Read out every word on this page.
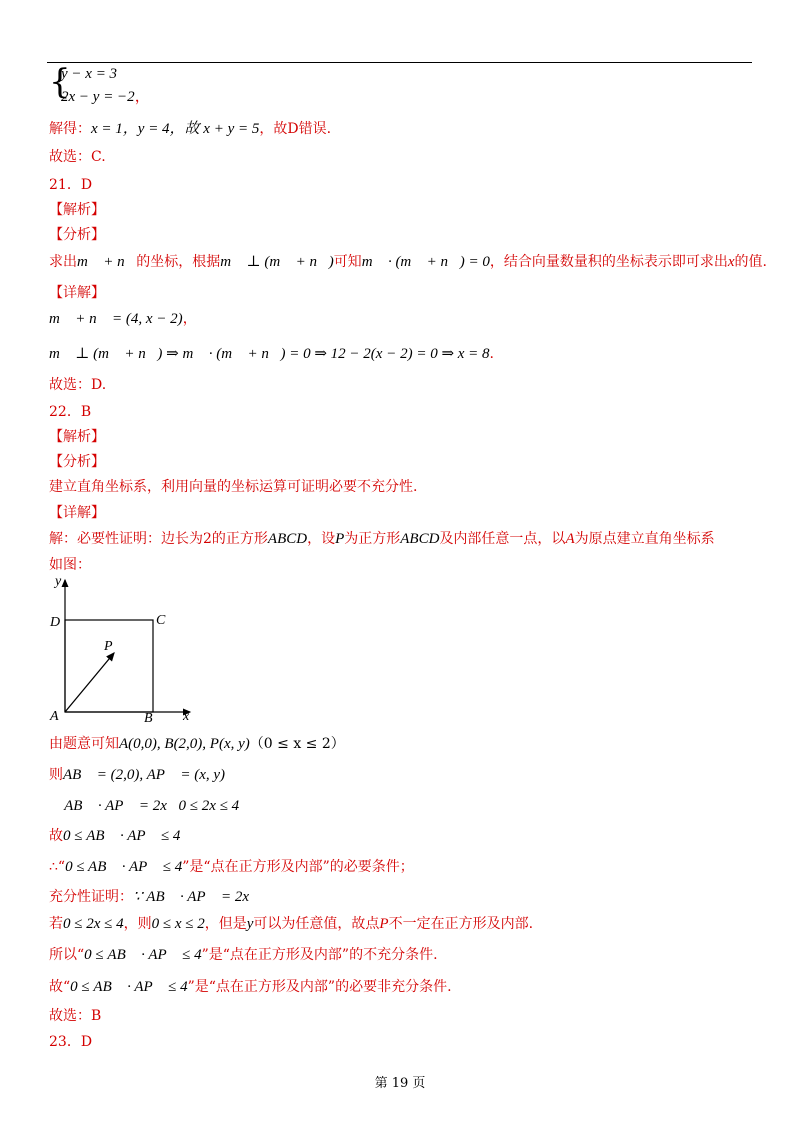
{
y − x = 3
2x − y = −2，
解得：x = 1，y = 4，故 x + y = 5，故D错误.
故选：C.
21．D
【解析】
【分析】
求出m⃗ + n⃗的坐标，根据m⃗ ⊥ (m⃗ + n⃗)可知m⃗ · (m⃗ + n⃗) = 0，结合向量数量积的坐标表示即可求出x的值.
【详解】
m⃗ + n⃗ = (4, x − 2)，
m⃗ ⊥ (m⃗ + n⃗) ⇒ m⃗ · (m⃗ + n⃗) = 0 ⇒ 12 − 2(x − 2) = 0 ⇒ x = 8.
故选：D.
22．B
【解析】
【分析】
建立直角坐标系，利用向量的坐标运算可证明必要不充分性.
【详解】
解：必要性证明：边长为2的正方形ABCD，设P为正方形ABCD及内部任意一点，以A为原点建立直角坐标系
如图：
y
D	C
P
A	B x
由题意可知A(0,0), B(2,0), P(x, y)（0 ≤ x ≤ 2）
则AB⃗ = (2,0), AP⃗ = (x, y)
∴ AB⃗ · AP⃗ = 2x，0 ≤ 2x ≤ 4
故0 ≤ AB⃗ · AP⃗ ≤ 4
∴“0 ≤ AB⃗ · AP⃗ ≤ 4”是“点在正方形及内部”的必要条件；
充分性证明：∵ AB⃗ · AP⃗ = 2x
若0 ≤ 2x ≤ 4，则0 ≤ x ≤ 2，但是y可以为任意值，故点P不一定在正方形及内部.
所以“0 ≤ AB⃗ · AP⃗ ≤ 4”是“点在正方形及内部”的不充分条件.
故“0 ≤ AB⃗ · AP⃗ ≤ 4”是“点在正方形及内部”的必要非充分条件.
故选：B
23．D
第 19 页
